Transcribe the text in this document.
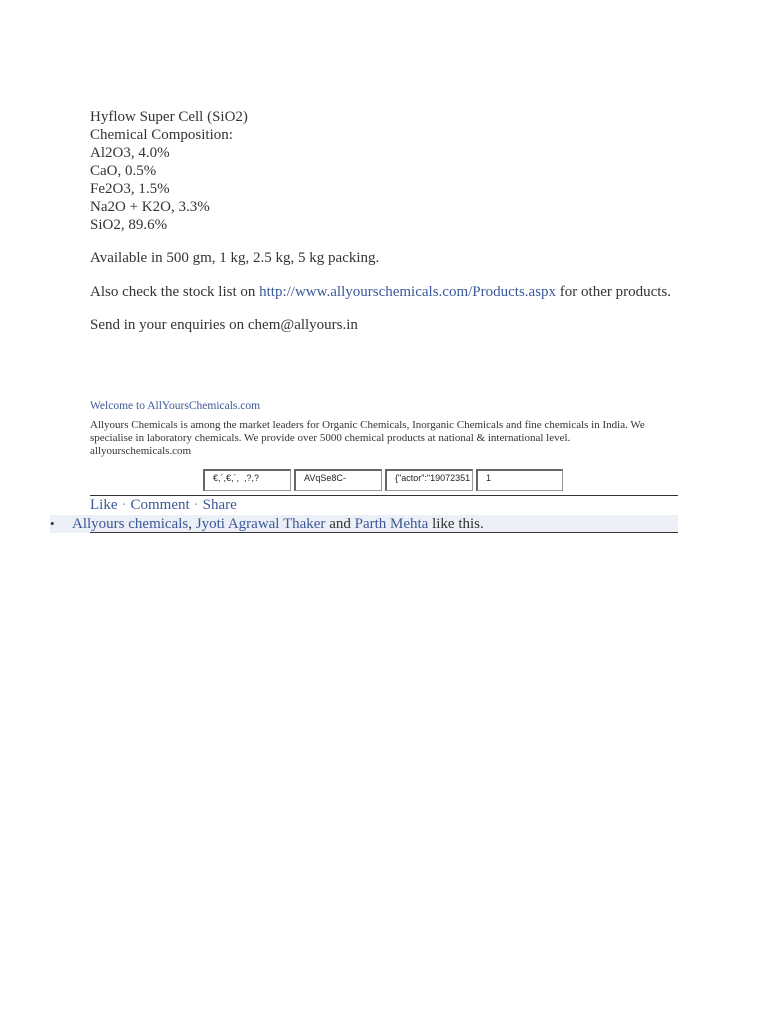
Hyflow Super Cell (SiO2)
Chemical Composition:
Al2O3, 4.0%
CaO, 0.5%
Fe2O3, 1.5%
Na2O + K2O, 3.3%
SiO2, 89.6%
Available in 500 gm, 1 kg, 2.5 kg, 5 kg packing.
Also check the stock list on http://www.allyourschemicals.com/Products.aspx for other products.
Send in your enquiries on chem@allyours.in
Welcome to AllYoursChemicals.com
Allyours Chemicals is among the market leaders for Organic Chemicals, Inorganic Chemicals and fine chemicals in India. We specialise in laboratory chemicals. We provide over 5000 chemical products at national & international level.
allyourschemicals.com
€,´,€,´,  ,?,?
AVqSe8C-
{"actor":"19072351
1
Like · Comment · Share
• Allyours chemicals, Jyoti Agrawal Thaker and Parth Mehta like this.
